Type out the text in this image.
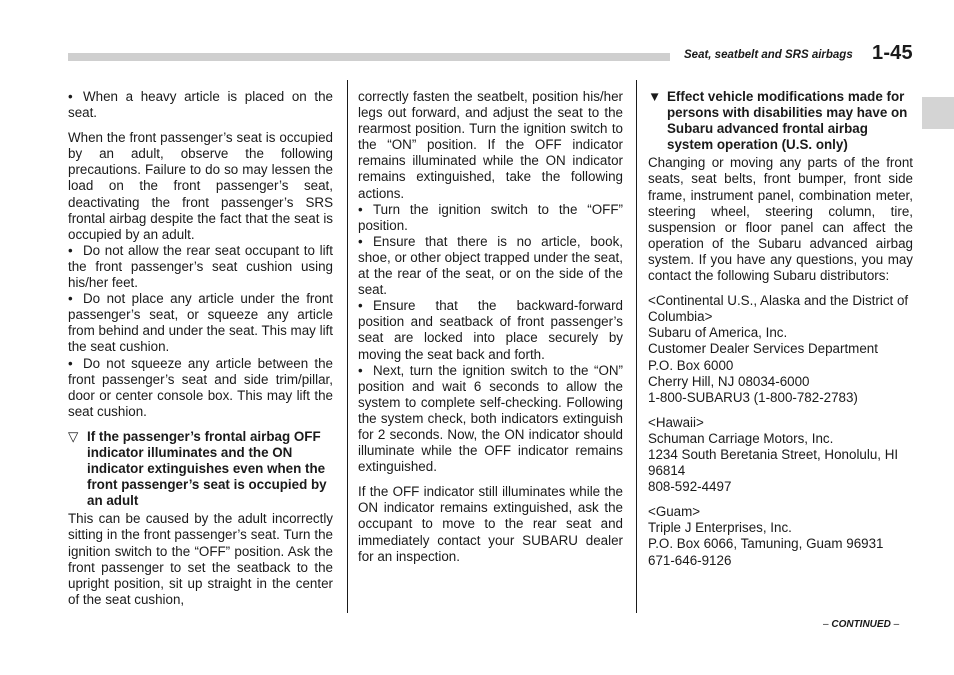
Seat, seatbelt and SRS airbags 1-45

• When a heavy article is placed on the seat.

When the front passenger’s seat is occupied by an adult, observe the following precautions. Failure to do so may lessen the load on the front passenger’s seat, deactivating the front passenger’s SRS frontal airbag despite the fact that the seat is occupied by an adult.

• Do not allow the rear seat occupant to lift the front passenger’s seat cushion using his/her feet.

• Do not place any article under the front passenger’s seat, or squeeze any article from behind and under the seat. This may lift the seat cushion.

• Do not squeeze any article between the front passenger’s seat and side trim/pillar, door or center console box. This may lift the seat cushion.

▽ If the passenger’s frontal airbag OFF indicator illuminates and the ON indicator extinguishes even when the front passenger’s seat is occupied by an adult

This can be caused by the adult incorrectly sitting in the front passenger’s seat. Turn the ignition switch to the “OFF” position. Ask the front passenger to set the seatback to the upright position, sit up straight in the center of the seat cushion,

correctly fasten the seatbelt, position his/her legs out forward, and adjust the seat to the rearmost position. Turn the ignition switch to the “ON” position. If the OFF indicator remains illuminated while the ON indicator remains extinguished, take the following actions.

• Turn the ignition switch to the “OFF” position.

• Ensure that there is no article, book, shoe, or other object trapped under the seat, at the rear of the seat, or on the side of the seat.

• Ensure that the backward-forward position and seatback of front passenger’s seat are locked into place securely by moving the seat back and forth.

• Next, turn the ignition switch to the “ON” position and wait 6 seconds to allow the system to complete self-checking. Following the system check, both indicators extinguish for 2 seconds. Now, the ON indicator should illuminate while the OFF indicator remains extinguished.

If the OFF indicator still illuminates while the ON indicator remains extinguished, ask the occupant to move to the rear seat and immediately contact your SUBARU dealer for an inspection.

▼ Effect vehicle modifications made for persons with disabilities may have on Subaru advanced frontal airbag system operation (U.S. only)

Changing or moving any parts of the front seats, seat belts, front bumper, front side frame, instrument panel, combination meter, steering wheel, steering column, tire, suspension or floor panel can affect the operation of the Subaru advanced airbag system. If you have any questions, you may contact the following Subaru distributors:

<Continental U.S., Alaska and the District of Columbia>
Subaru of America, Inc.
Customer Dealer Services Department
P.O. Box 6000
Cherry Hill, NJ 08034-6000
1-800-SUBARU3 (1-800-782-2783)
<Hawaii>
Schuman Carriage Motors, Inc.
1234 South Beretania Street, Honolulu, HI 96814
808-592-4497
<Guam>
Triple J Enterprises, Inc.
P.O. Box 6066, Tamuning, Guam 96931
671-646-9126
– CONTINUED –
